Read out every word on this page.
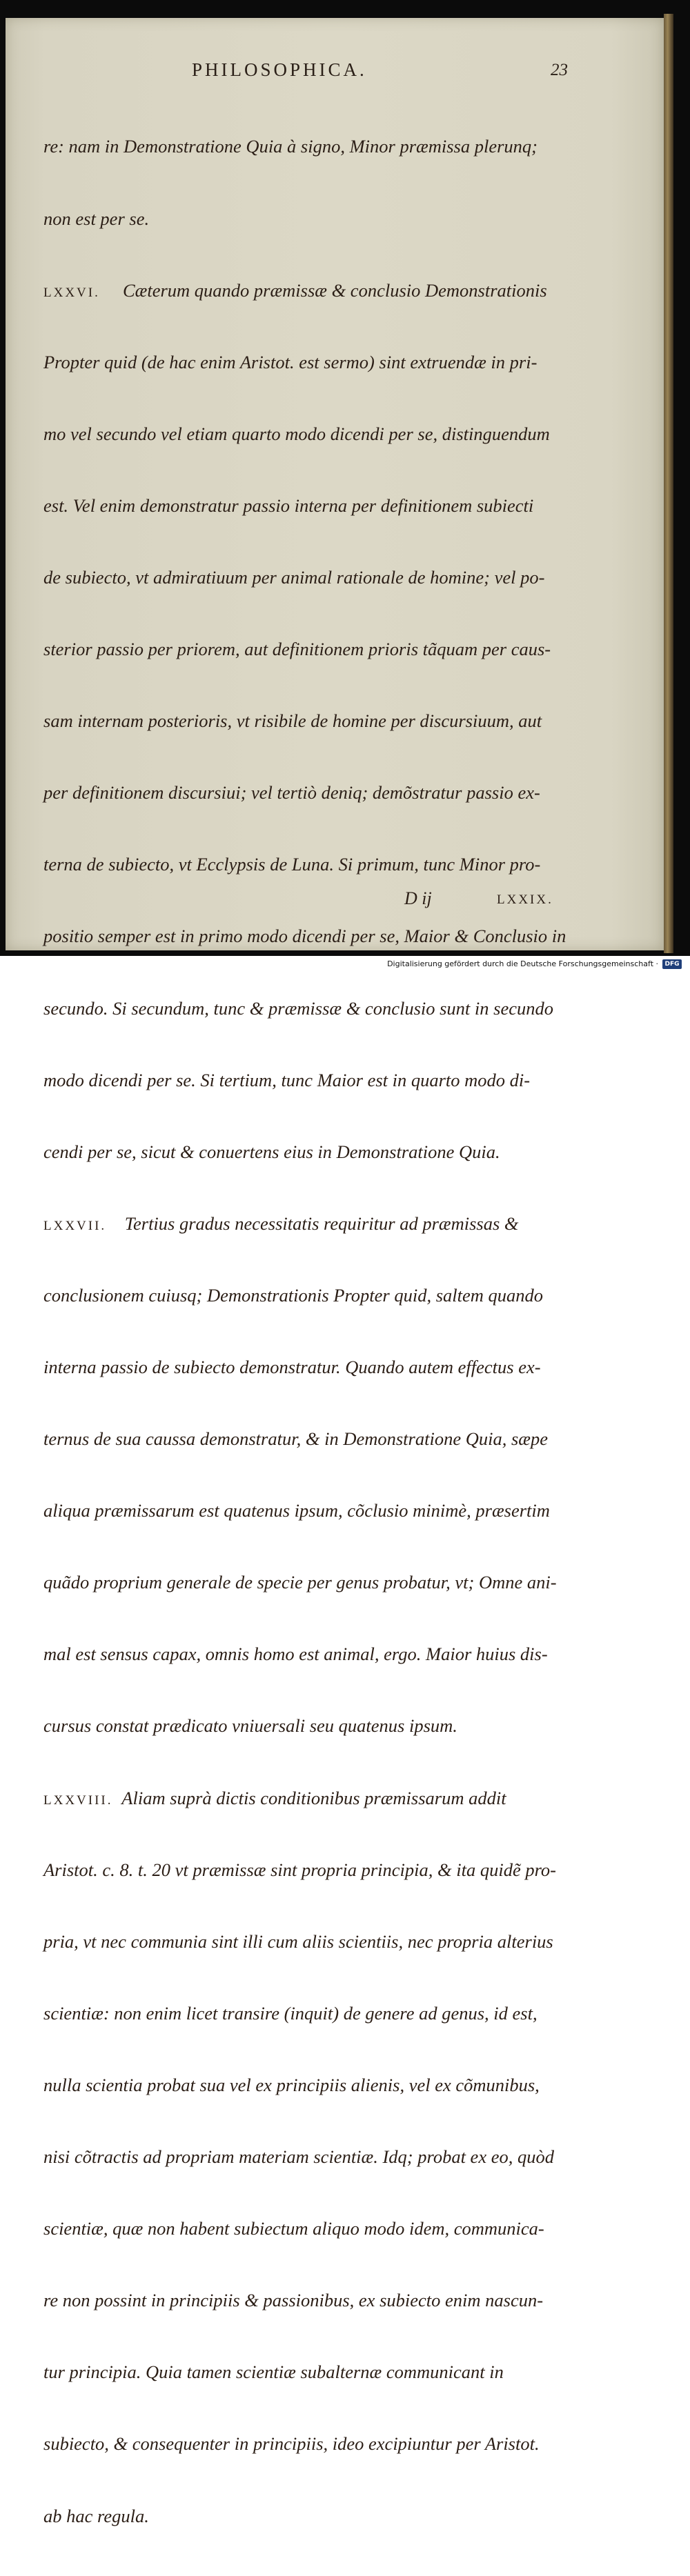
PHILOSOPHICA.	23

re: nam in Demonstratione Quia à signo, Minor præmissa plerunq;

non est per se.

LXXVI. Cæterum quando præmissæ & conclusio Demonstrationis

Propter quid (de hac enim Aristot. est sermo) sint extruendæ in pri-

mo vel secundo vel etiam quarto modo dicendi per se, distinguendum

est. Vel enim demonstratur passio interna per definitionem subiecti

de subiecto, vt admiratiuum per animal rationale de homine; vel po-

sterior passio per priorem, aut definitionem prioris tãquam per caus-

sam internam posterioris, vt risibile de homine per discursiuum, aut

per definitionem discursiui; vel tertiò deniq; demõstratur passio ex-

terna de subiecto, vt Ecclypsis de Luna. Si primum, tunc Minor pro-

positio semper est in primo modo dicendi per se, Maior & Conclusio in

secundo. Si secundum, tunc & præmissæ & conclusio sunt in secundo

modo dicendi per se. Si tertium, tunc Maior est in quarto modo di-

cendi per se, sicut & conuertens eius in Demonstratione Quia.

LXXVII. Tertius gradus necessitatis requiritur ad præmissas &

conclusionem cuiusq; Demonstrationis Propter quid, saltem quando

interna passio de subiecto demonstratur. Quando autem effectus ex-

ternus de sua caussa demonstratur, & in Demonstratione Quia, sæpe

aliqua præmissarum est quatenus ipsum, cõclusio minimè, præsertim

quãdo proprium generale de specie per genus probatur, vt; Omne ani-

mal est sensus capax, omnis homo est animal, ergo. Maior huius dis-

cursus constat prædicato vniuersali seu quatenus ipsum.

LXXVIII. Aliam suprà dictis conditionibus præmissarum addit

Aristot. c. 8. t. 20 vt præmissæ sint propria principia, & ita quidẽ pro-

pria, vt nec communia sint illi cum aliis scientiis, nec propria alterius

scientiæ: non enim licet transire (inquit) de genere ad genus, id est,

nulla scientia probat sua vel ex principiis alienis, vel ex cõmunibus,

nisi cõtractis ad propriam materiam scientiæ. Idq; probat ex eo, quòd

scientiæ, quæ non habent subiectum aliquo modo idem, communica-

re non possint in principiis & passionibus, ex subiecto enim nascun-

tur principia. Quia tamen scientiæ subalternæ communicant in

subiecto, & consequenter in principiis, ideo excipiuntur per Aristot.

ab hac regula.

D ij	LXXIX.
Digitalisierung gefördert durch die Deutsche Forschungsgemeinschaft ·	DFG
